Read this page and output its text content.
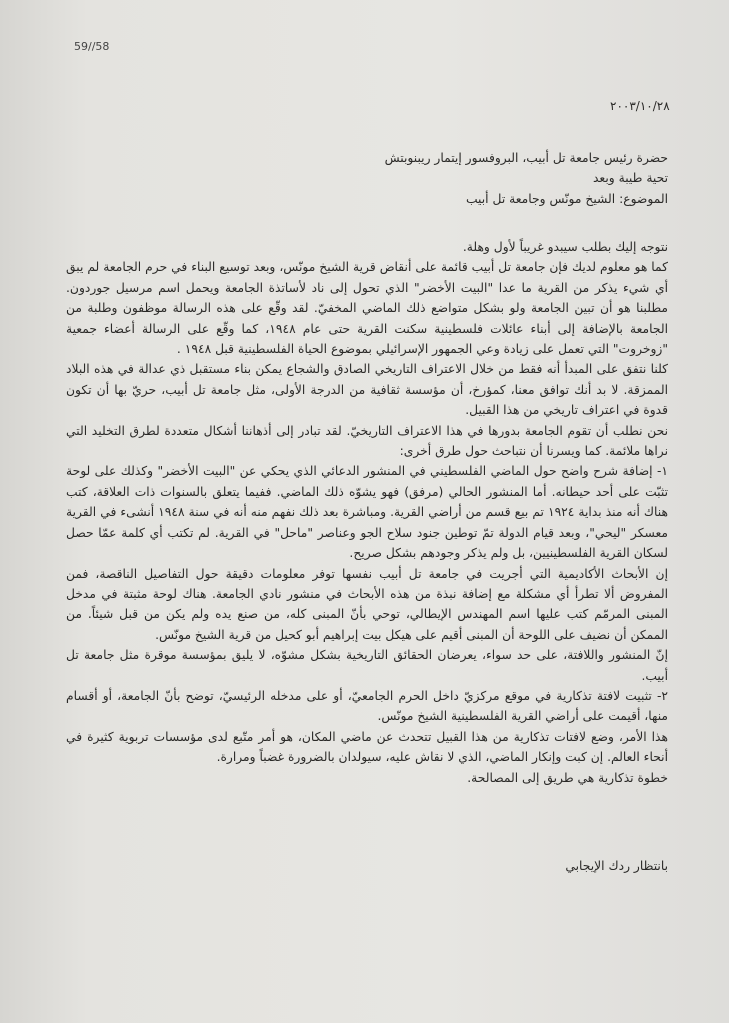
59//58
٢٠٠٣/١٠/٢٨

حضرة رئيس جامعة تل أبيب، البروفسور إيتمار ريبنوبتش

تحية طيبة وبعد

الموضوع: الشيخ مونّس وجامعة تل أبيب

نتوجه إليك بطلب سيبدو غريباً لأول وهلة.

كما هو معلوم لديك فإن جامعة تل أبيب قائمة على أنقاض قرية الشيخ مونّس، وبعد توسيع البناء في حرم الجامعة لم يبق أي شيء يذكر من القرية ما عدا "البيت الأخضر" الذي تحول إلى ناد لأساتذة الجامعة ويحمل اسم مرسيل جوردون. مطلبنا هو أن تبين الجامعة ولو بشكل متواضع ذلك الماضي المخفيّ. لقد وقّع على هذه الرسالة موظفون وطلبة من الجامعة بالإضافة إلى أبناء عائلات فلسطينية سكنت القرية حتى عام ١٩٤٨، كما وقّع على الرسالة أعضاء جمعية "زوخروت" التي تعمل على زيادة وعي الجمهور الإسرائيلي بموضوع الحياة الفلسطينية قبل ١٩٤٨ .

كلنا نتفق على المبدأ أنه فقط من خلال الاعتراف التاريخي الصادق والشجاع يمكن بناء مستقبل ذي عدالة في هذه البلاد الممزقة. لا بد أنك توافق معنا، كمؤرخ، أن مؤسسة ثقافية من الدرجة الأولى، مثل جامعة تل أبيب، حريّ بها أن تكون قدوة في اعتراف تاريخي من هذا القبيل.

نحن نطلب أن تقوم الجامعة بدورها في هذا الاعتراف التاريخيّ. لقد تبادر إلى أذهاننا أشكال متعددة لطرق التخليد التي نراها ملائمة. كما ويسرنا أن نتباحث حول طرق أخرى:

١- إضافة شرح واضح حول الماضي الفلسطيني في المنشور الدعائي الذي يحكي عن "البيت الأخضر" وكذلك على لوحة تثبّت على أحد حيطانه. أما المنشور الحالي (مرفق) فهو يشوّه ذلك الماضي. ففيما يتعلق بالسنوات ذات العلاقة، كتب هناك أنه منذ بداية ١٩٢٤ تم بيع قسم من أراضي القرية. ومباشرة بعد ذلك نفهم منه أنه في سنة ١٩٤٨ أنشىء في القرية معسكر "ليحي"، وبعد قيام الدولة تمّ توطين جنود سلاح الجو وعناصر "ماحل" في القرية. لم تكتب أي كلمة عمّا حصل لسكان القرية الفلسطينيين، بل ولم يذكر وجودهم بشكل صريح.

إن الأبحاث الأكاديمية التي أجريت في جامعة تل أبيب نفسها توفر معلومات دقيقة حول التفاصيل الناقصة، فمن المفروض ألا تطرأ أي مشكلة مع إضافة نبذة من هذه الأبحاث في منشور نادي الجامعة. هناك لوحة مثبتة في مدخل المبنى المرمّم كتب عليها اسم المهندس الإيطالي، توحي بأنّ المبنى كله، من صنع يده ولم يكن من قبل شيئاً. من الممكن أن نضيف على اللوحة أن المبنى أقيم على هيكل بيت إبراهيم أبو كحيل من قرية الشيخ مونّس.

إنّ المنشور واللافتة، على حد سواء، يعرضان الحقائق التاريخية بشكل مشوّه، لا يليق بمؤسسة موقرة مثل جامعة تل أبيب.

٢- تثبيت لافتة تذكارية في موقع مركزيّ داخل الحرم الجامعيّ، أو على مدخله الرئيسيّ، توضح بأنّ الجامعة، أو أقسام منها، أقيمت على أراضي القرية الفلسطينية الشيخ مونّس.

هذا الأمر، وضع لافتات تذكارية من هذا القبيل تتحدث عن ماضي المكان، هو أمر متّبع لدى مؤسسات تربوية كثيرة في أنحاء العالم. إن كبت وإنكار الماضي، الذي لا نقاش عليه، سيولدان بالضرورة غضباً ومرارة.

خطوة تذكارية هي طريق إلى المصالحة.

بانتظار ردك الإيجابي
